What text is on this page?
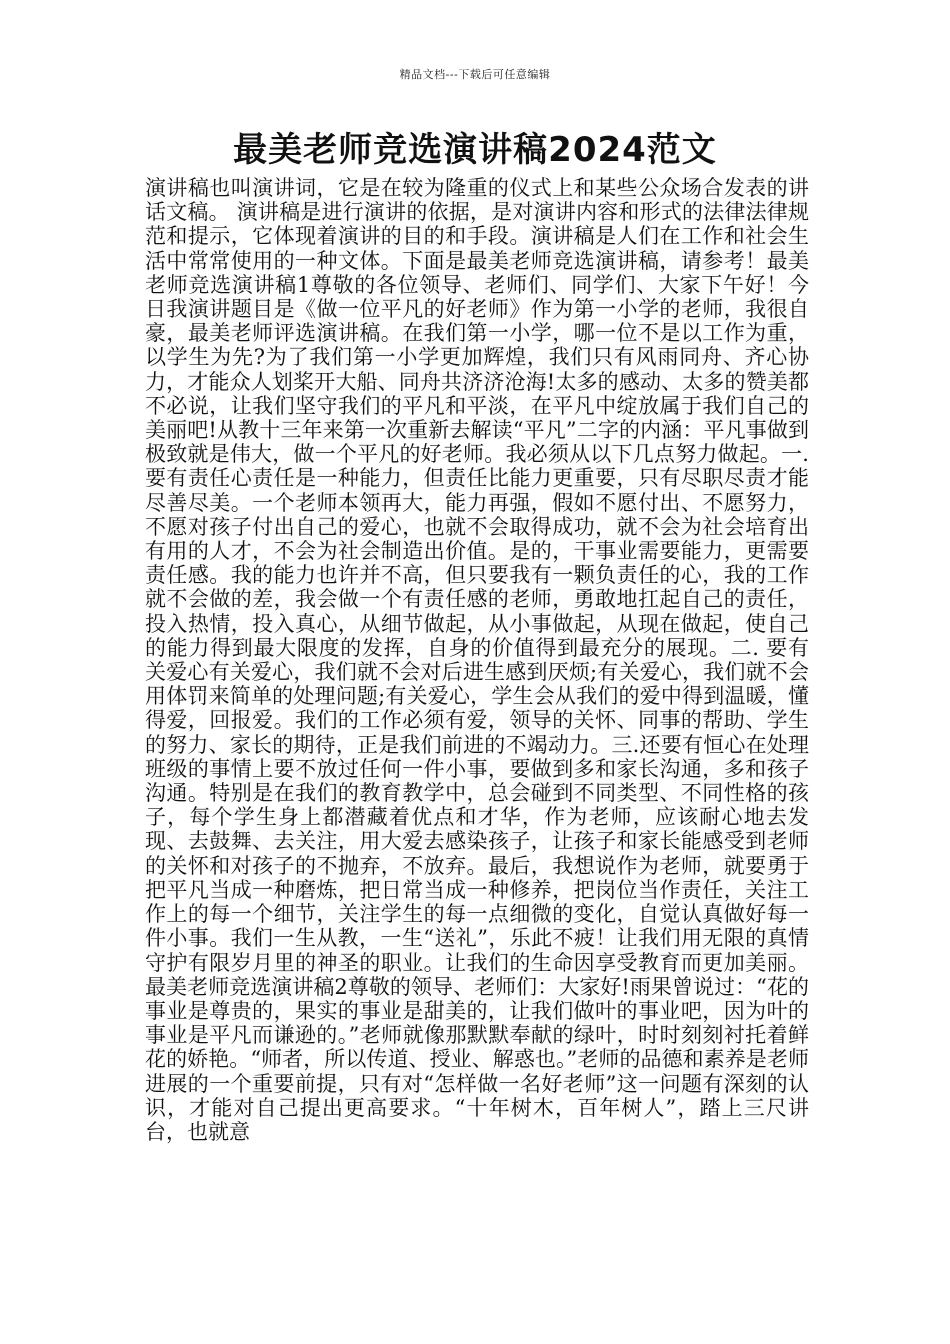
精品文档---下载后可任意编辑
最美老师竞选演讲稿2024范文

演讲稿也叫演讲词，它是在较为隆重的仪式上和某些公众场合发表的讲话文稿。 演讲稿是进行演讲的依据，是对演讲内容和形式的法律法律规范和提示，它体现着演讲的目的和手段。演讲稿是人们在工作和社会生活中常常使用的一种文体。下面是最美老师竞选演讲稿，请参考！最美老师竞选演讲稿1尊敬的各位领导、老师们、同学们、大家下午好！今日我演讲题目是《做一位平凡的好老师》作为第一小学的老师，我很自豪，最美老师评选演讲稿。在我们第一小学，哪一位不是以工作为重，以学生为先?为了我们第一小学更加辉煌，我们只有风雨同舟、齐心协力，才能众人划桨开大船、同舟共济济沧海!太多的感动、太多的赞美都不必说，让我们坚守我们的平凡和平淡，在平凡中绽放属于我们自己的美丽吧!从教十三年来第一次重新去解读“平凡”二字的内涵：平凡事做到极致就是伟大，做一个平凡的好老师。我必须从以下几点努力做起。一.要有责任心责任是一种能力，但责任比能力更重要，只有尽职尽责才能尽善尽美。一个老师本领再大，能力再强，假如不愿付出、不愿努力，不愿对孩子付出自己的爱心，也就不会取得成功，就不会为社会培育出有用的人才，不会为社会制造出价值。是的，干事业需要能力，更需要责任感。我的能力也许并不高，但只要我有一颗负责任的心，我的工作就不会做的差，我会做一个有责任感的老师，勇敢地扛起自己的责任，投入热情，投入真心，从细节做起，从小事做起，从现在做起，使自己的能力得到最大限度的发挥，自身的价值得到最充分的展现。二. 要有关爱心有关爱心，我们就不会对后进生感到厌烦;有关爱心，我们就不会用体罚来简单的处理问题;有关爱心，学生会从我们的爱中得到温暖，懂得爱，回报爱。我们的工作必须有爱，领导的关怀、同事的帮助、学生的努力、家长的期待，正是我们前进的不竭动力。三.还要有恒心在处理班级的事情上要不放过任何一件小事，要做到多和家长沟通，多和孩子沟通。特别是在我们的教育教学中，总会碰到不同类型、不同性格的孩子，每个学生身上都潜藏着优点和才华，作为老师，应该耐心地去发现、去鼓舞、去关注，用大爱去感染孩子，让孩子和家长能感受到老师的关怀和对孩子的不抛弃，不放弃。最后，我想说作为老师，就要勇于把平凡当成一种磨炼，把日常当成一种修养，把岗位当作责任，关注工作上的每一个细节，关注学生的每一点细微的变化，自觉认真做好每一件小事。我们一生从教，一生“送礼”，乐此不疲！让我们用无限的真情守护有限岁月里的神圣的职业。让我们的生命因享受教育而更加美丽。最美老师竞选演讲稿2尊敬的领导、老师们：大家好!雨果曾说过：“花的事业是尊贵的，果实的事业是甜美的，让我们做叶的事业吧，因为叶的事业是平凡而谦逊的。”老师就像那默默奉献的绿叶，时时刻刻衬托着鲜花的娇艳。“师者，所以传道、授业、解惑也。”老师的品德和素养是老师进展的一个重要前提，只有对“怎样做一名好老师”这一问题有深刻的认识，才能对自己提出更高要求。“十年树木，百年树人”，踏上三尺讲台，也就意
